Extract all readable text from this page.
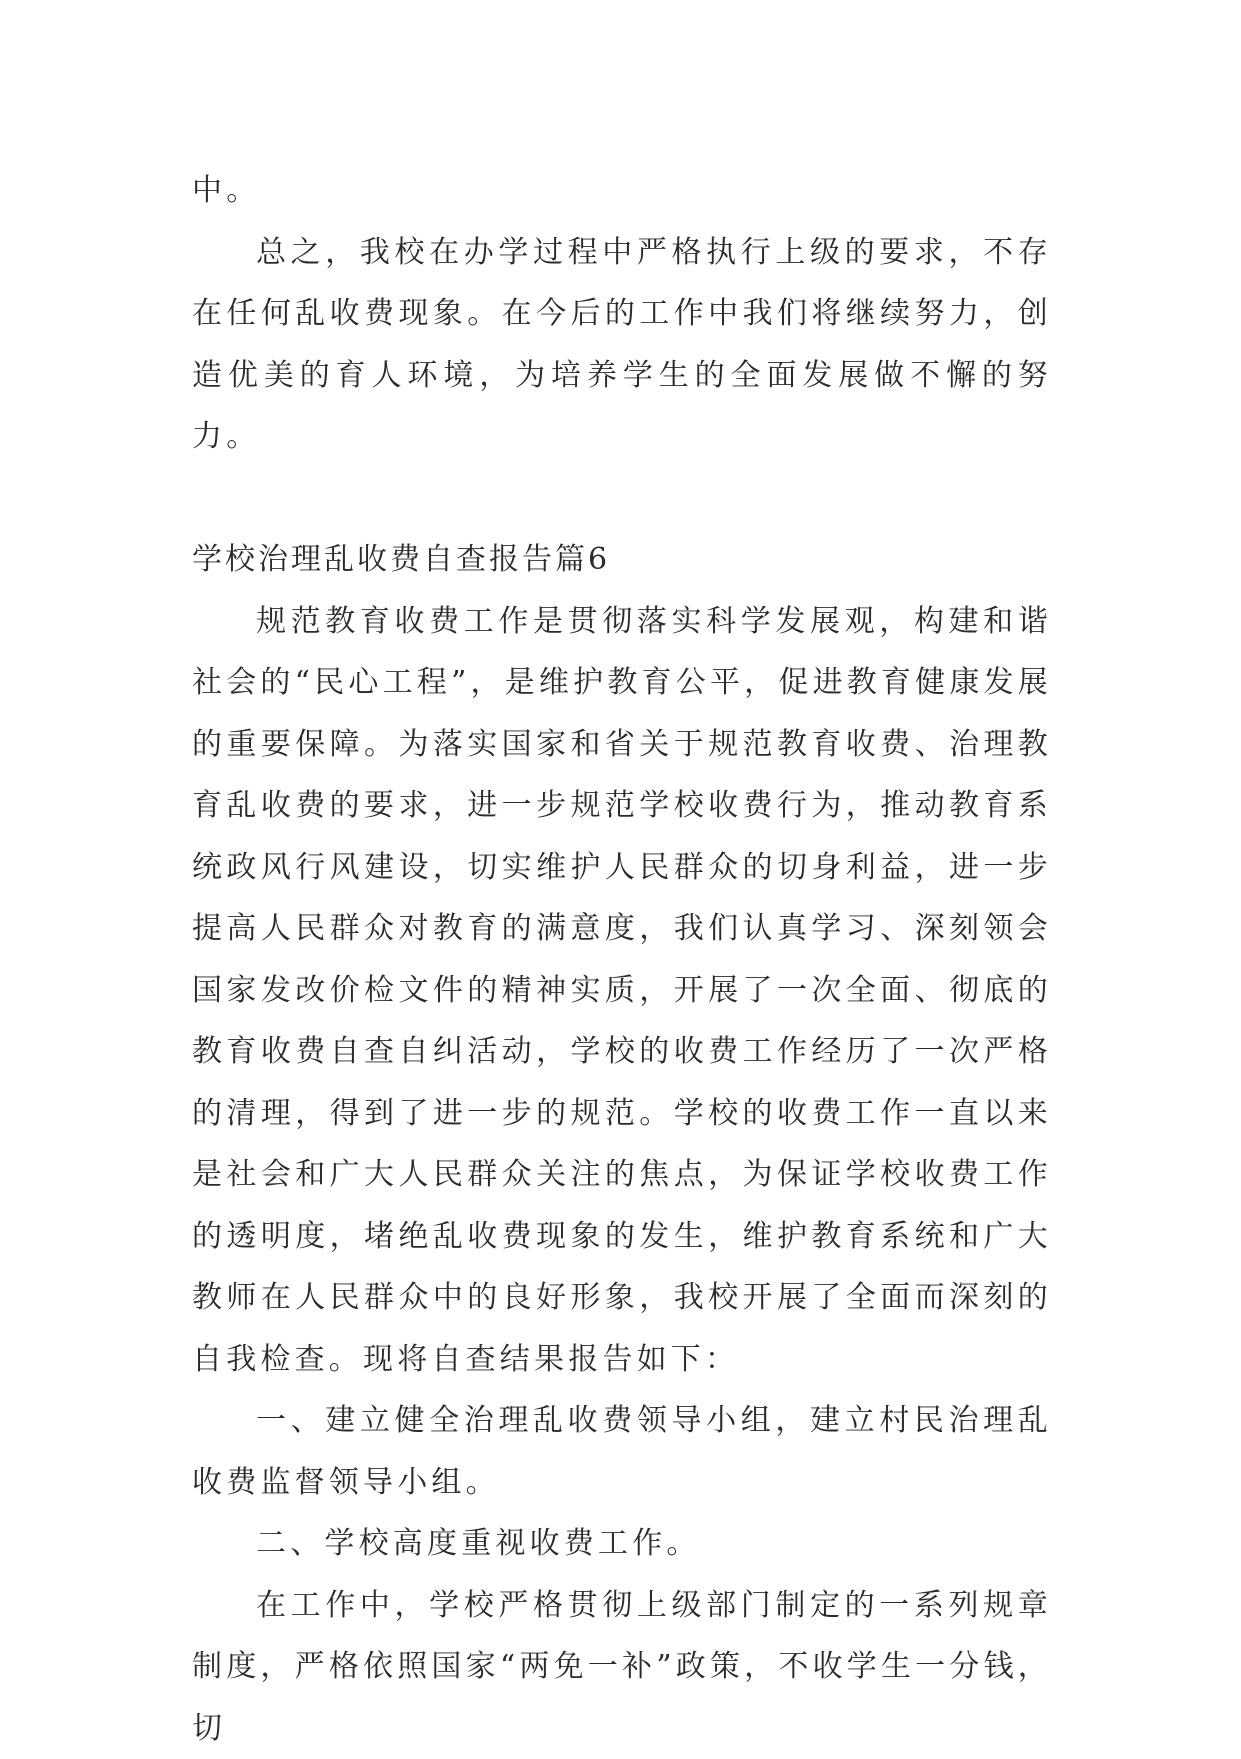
中。

总之，我校在办学过程中严格执行上级的要求，不存在任何乱收费现象。在今后的工作中我们将继续努力，创造优美的育人环境，为培养学生的全面发展做不懈的努力。

学校治理乱收费自查报告篇6

规范教育收费工作是贯彻落实科学发展观，构建和谐社会的“民心工程”，是维护教育公平，促进教育健康发展的重要保障。为落实国家和省关于规范教育收费、治理教育乱收费的要求，进一步规范学校收费行为，推动教育系统政风行风建设，切实维护人民群众的切身利益，进一步提高人民群众对教育的满意度，我们认真学习、深刻领会国家发改价检文件的精神实质，开展了一次全面、彻底的教育收费自查自纠活动，学校的收费工作经历了一次严格的清理，得到了进一步的规范。学校的收费工作一直以来是社会和广大人民群众关注的焦点，为保证学校收费工作的透明度，堵绝乱收费现象的发生，维护教育系统和广大教师在人民群众中的良好形象，我校开展了全面而深刻的自我检查。现将自查结果报告如下：

一、建立健全治理乱收费领导小组，建立村民治理乱收费监督领导小组。

二、学校高度重视收费工作。

在工作中，学校严格贯彻上级部门制定的一系列规章制度，严格依照国家“两免一补”政策，不收学生一分钱，切
